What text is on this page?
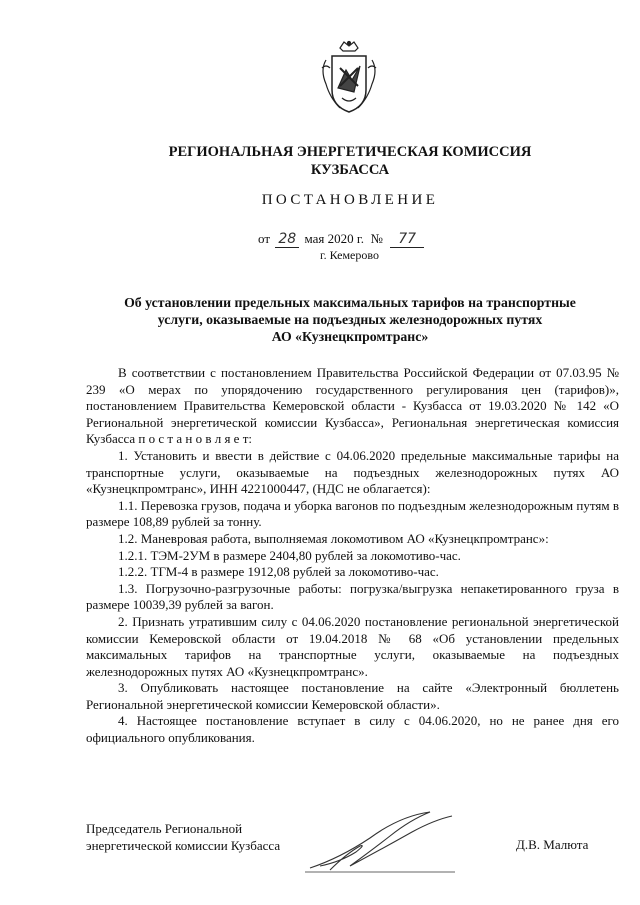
РЕГИОНАЛЬНАЯ ЭНЕРГЕТИЧЕСКАЯ КОМИССИЯ
КУЗБАССА
ПОСТАНОВЛЕНИЕ
от 28 мая 2020 г. № 77
г. Кемерово
Об установлении предельных максимальных тарифов на транспортные
услуги, оказываемые на подъездных железнодорожных путях
АО «Кузнецкпромтранс»

В соответствии с постановлением Правительства Российской Федерации от 07.03.95 № 239 «О мерах по упорядочению государственного регулирования цен (тарифов)», постановлением Правительства Кемеровской области - Кузбасса от 19.03.2020 № 142 «О Региональной энергетической комиссии Кузбасса», Региональная энергетическая комиссия Кузбасса п о с т а н о в л я е т:

1. Установить и ввести в действие с 04.06.2020 предельные максимальные тарифы на транспортные услуги, оказываемые на подъездных железнодорожных путях АО «Кузнецкпромтранс», ИНН 4221000447, (НДС не облагается):

1.1. Перевозка грузов, подача и уборка вагонов по подъездным железнодорожным путям в размере 108,89 рублей за тонну.

1.2. Маневровая работа, выполняемая локомотивом АО «Кузнецкпромтранс»:

1.2.1. ТЭМ-2УМ в размере 2404,80 рублей за локомотиво-час.

1.2.2. ТГМ-4 в размере 1912,08 рублей за локомотиво-час.

1.3. Погрузочно-разгрузочные работы: погрузка/выгрузка непакетированного груза в размере 10039,39 рублей за вагон.

2. Признать утратившим силу с 04.06.2020 постановление региональной энергетической комиссии Кемеровской области от 19.04.2018 № 68 «Об установлении предельных максимальных тарифов на транспортные услуги, оказываемые на подъездных железнодорожных путях АО «Кузнецкпромтранс».

3. Опубликовать настоящее постановление на сайте «Электронный бюллетень Региональной энергетической комиссии Кемеровской области».

4. Настоящее постановление вступает в силу с 04.06.2020, но не ранее дня его официального опубликования.

Председатель Региональной
энергетической комиссии Кузбасса	Д.В. Малюта
